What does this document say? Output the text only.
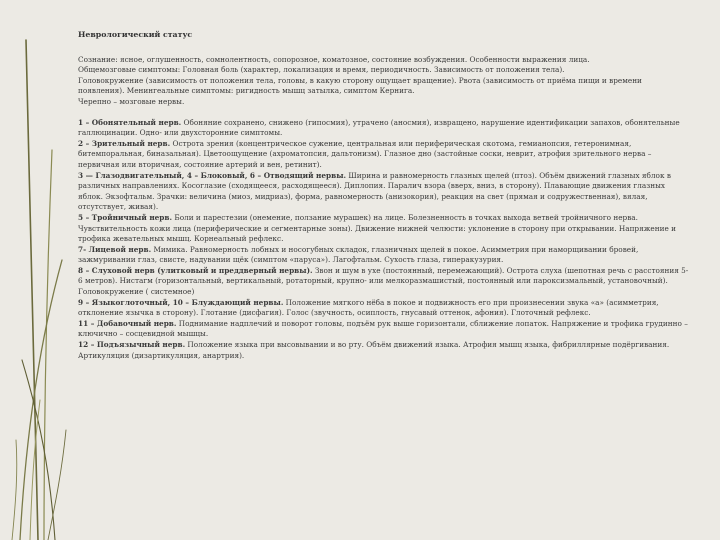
Неврологический статус

Сознание: ясное, оглушенность, сомнолентность, сопорозное, коматозное, состояние возбуждения. Особенности выражения лица.

Общемозговые симптомы: Головная боль (характер, локализация и время, периодичность. Зависимость от положения тела).

Головокружение (зависимость от положения тела, головы, в какую сторону ощущает вращение). Рвота (зависимость от приёма пищи и времени появления). Менингеальные симптомы: ригидность мышц затылка, симптом Кернига.

Черепно – мозговые нервы.

1 – Обонятельный нерв. Обоняние сохранено, снижено (гипосмия), утрачено (аносмия), извращено, нарушение идентификации запахов, обонятельные галлюцинации. Одно- или двухсторонние симптомы.

2 – Зрительный нерв. Острота зрения (концентрическое сужение, центральная или периферическая скотома, гемианопсия, гетеронимная, битемпоральная, биназальная). Цветоощущение (ахроматопсия, дальтонизм). Глазное дно (застойные соски, неврит, атрофия зрительного нерва – первичная или вторичная, состояние артерий и вен, ретинит).

3 — Глазодвигательный, 4 – Блоковый, 6 – Отводящий нервы. Ширина и равномерность глазных щелей (птоз). Объём движений глазных яблок в различных направлениях. Косоглазие (сходящееся, расходящееся). Диплопия. Паралич взора (вверх, вниз, в сторону). Плавающие движения глазных яблок. Экзофтальм. Зрачки: величина (миоз, мидриаз), форма, равномерность (анизокория), реакция на свет (прямая и содружественная), вялая, отсутствует, живая).

5 – Тройничный нерв. Боли и парестезии (онемение, ползание мурашек) на лице. Болезненность в точках выхода ветвей тройничного нерва. Чувствительность кожи лица (периферические и сегментарные зоны). Движение нижней челюсти: уклонение в сторону при открывании. Напряжение и трофика жевательных мышц. Корнеальный рефлекс.

7- Лицевой нерв. Мимика. Равномерность лобных и носогубных складок, глазничных щелей в покое. Асимметрия при наморщивании бровей, зажмуривании глаз, свисте, надувании щёк (симптом «паруса»). Лагофтальм. Сухость глаза, гиперакузурия.

8 – Слуховой нерв (улитковый и преддверный нервы). Звон и шум в ухе (постоянный, перемежающий). Острота слуха (шепотная речь с расстояния 5-6 метров). Нистагм (горизонтальный, вертикальный, ротаторный, крупно- или мелкоразмашистый, постоянный или пароксизмальный, установочный). Головокружение ( системное)

9 – Языкоглоточный, 10 – Блуждающий нервы. Положение мягкого нёба в покое и подвижность его при произнесении звука «а» (асимметрия, отклонение язычка в сторону). Глотание (дисфагия). Голос (звучность, осиплость, гнусавый оттенок, афония). Глоточный рефлекс.

11 – Добавочный нерв. Поднимание надплечий и поворот головы, подъём рук выше горизонтали, сближение лопаток. Напряжение и трофика грудинно – ключично – сосцевидной мышцы.

12 – Подъязычный нерв. Положение языка при высовывании и во рту. Объём движений языка. Атрофия мышц языка, фибриллярные подёргивания. Артикуляция (дизартикуляция, анартрия).
